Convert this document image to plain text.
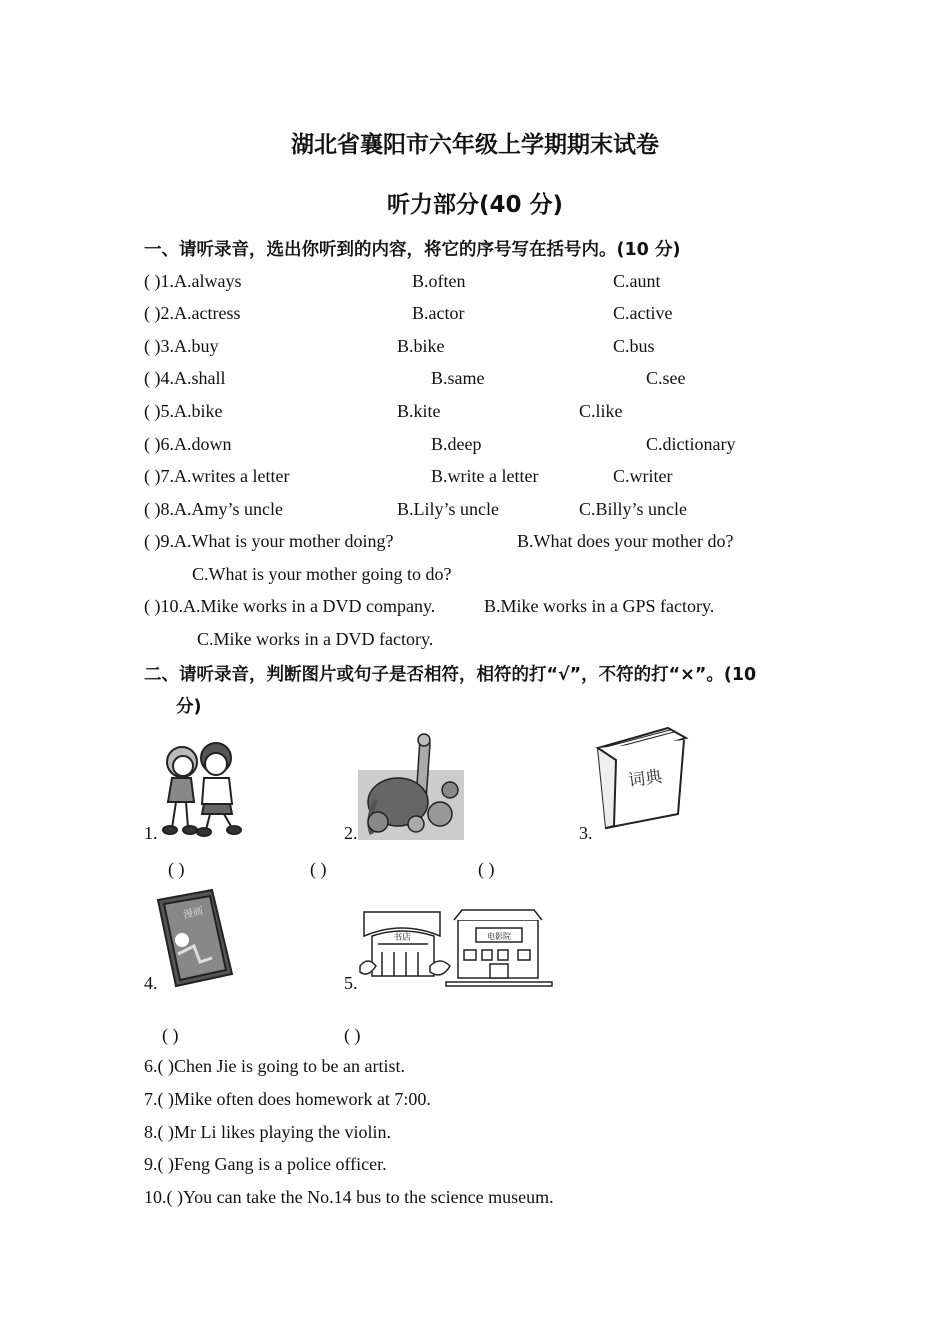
湖北省襄阳市六年级上学期期末试卷
听力部分(40 分)
一、请听录音，选出你听到的内容，将它的序号写在括号内。(10 分)
( )1.A.always	B.often	C.aunt
( )2.A.actress	B.actor	C.active
( )3.A.buy	B.bike	C.bus
( )4.A.shall	B.same	C.see
( )5.A.bike	B.kite	C.like
( )6.A.down	B.deep	C.dictionary
( )7.A.writes a letter	B.write a letter	C.writer
( )8.A.Amy’s uncle	B.Lily’s uncle	C.Billy’s uncle
( )9.A.What is your mother doing?	B.What does your mother do?
C.What is your mother going to do?
( )10.A.Mike works in a DVD company.	B.Mike works in a GPS factory.
C.Mike works in a DVD factory.
二、请听录音，判断图片或句子是否相符，相符的打“√”，不符的打“×”。(10
分)
1.	2.
词典
3.
( )	( )	( )
漫画
4.
书店	电影院
5.
( )	( )
6.( )Chen Jie is going to be an artist.
7.( )Mike often does homework at 7:00.
8.( )Mr Li likes playing the violin.
9.( )Feng Gang is a police officer.
10.( )You can take the No.14 bus to the science museum.
